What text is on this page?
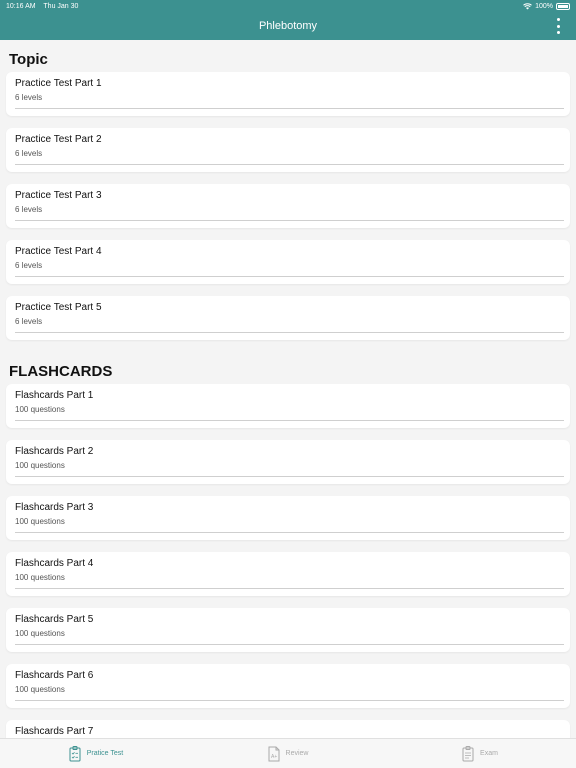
10:16 AM Thu Jan 30	100%
Phlebotomy
Topic
Practice Test Part 1
6 levels
Practice Test Part 2
6 levels
Practice Test Part 3
6 levels
Practice Test Part 4
6 levels
Practice Test Part 5
6 levels
FLASHCARDS
Flashcards Part 1
100 questions
Flashcards Part 2
100 questions
Flashcards Part 3
100 questions
Flashcards Part 4
100 questions
Flashcards Part 5
100 questions
Flashcards Part 6
100 questions
Flashcards Part 7
Pratice Test	A+ Review	Exam
